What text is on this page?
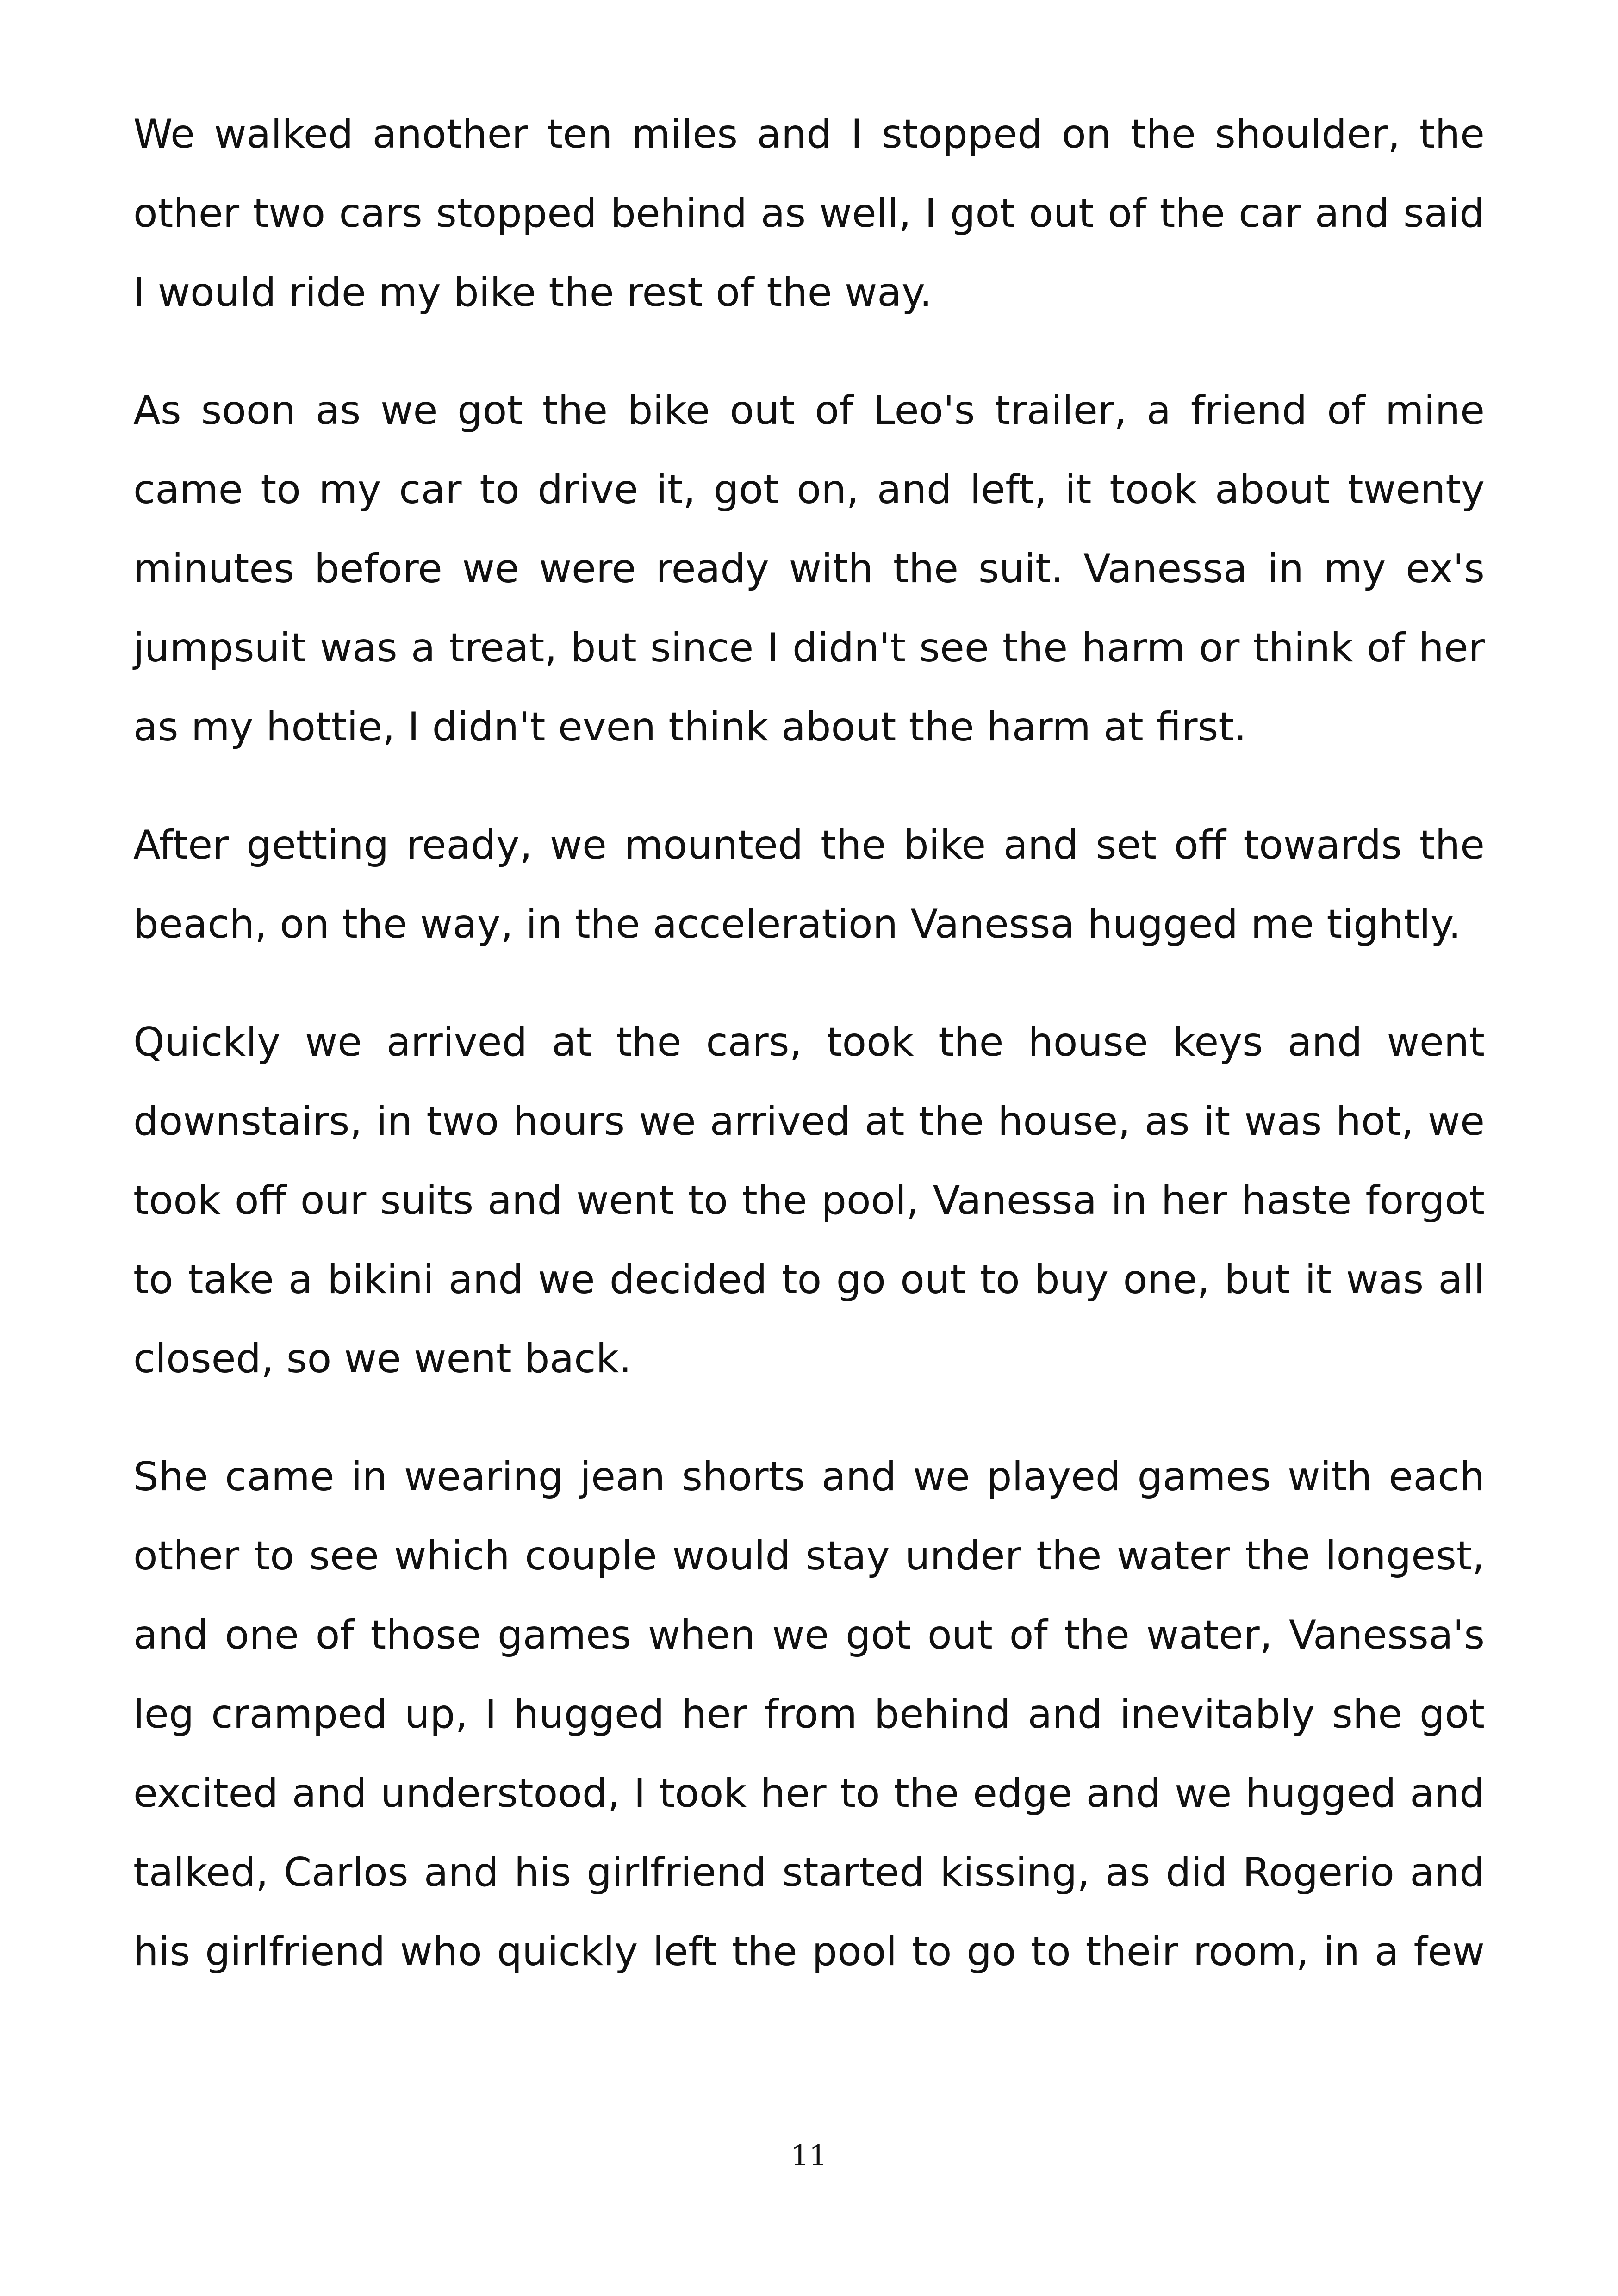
We walked another ten miles and I stopped on the shoulder, the other two cars stopped behind as well, I got out of the car and said I would ride my bike the rest of the way.

As soon as we got the bike out of Leo's trailer, a friend of mine came to my car to drive it, got on, and left, it took about twenty minutes before we were ready with the suit. Vanessa in my ex's jumpsuit was a treat, but since I didn't see the harm or think of her as my hottie, I didn't even think about the harm at first.

After getting ready, we mounted the bike and set off towards the beach, on the way, in the acceleration Vanessa hugged me tightly.

Quickly we arrived at the cars, took the house keys and went downstairs, in two hours we arrived at the house, as it was hot, we took off our suits and went to the pool, Vanessa in her haste forgot to take a bikini and we decided to go out to buy one, but it was all closed, so we went back.

She came in wearing jean shorts and we played games with each other to see which couple would stay under the water the longest, and one of those games when we got out of the water, Vanessa's leg cramped up, I hugged her from behind and inevitably she got excited and understood, I took her to the edge and we hugged and talked, Carlos and his girlfriend started kissing, as did Rogerio and his girlfriend who quickly left the pool to go to their room, in a few

11
